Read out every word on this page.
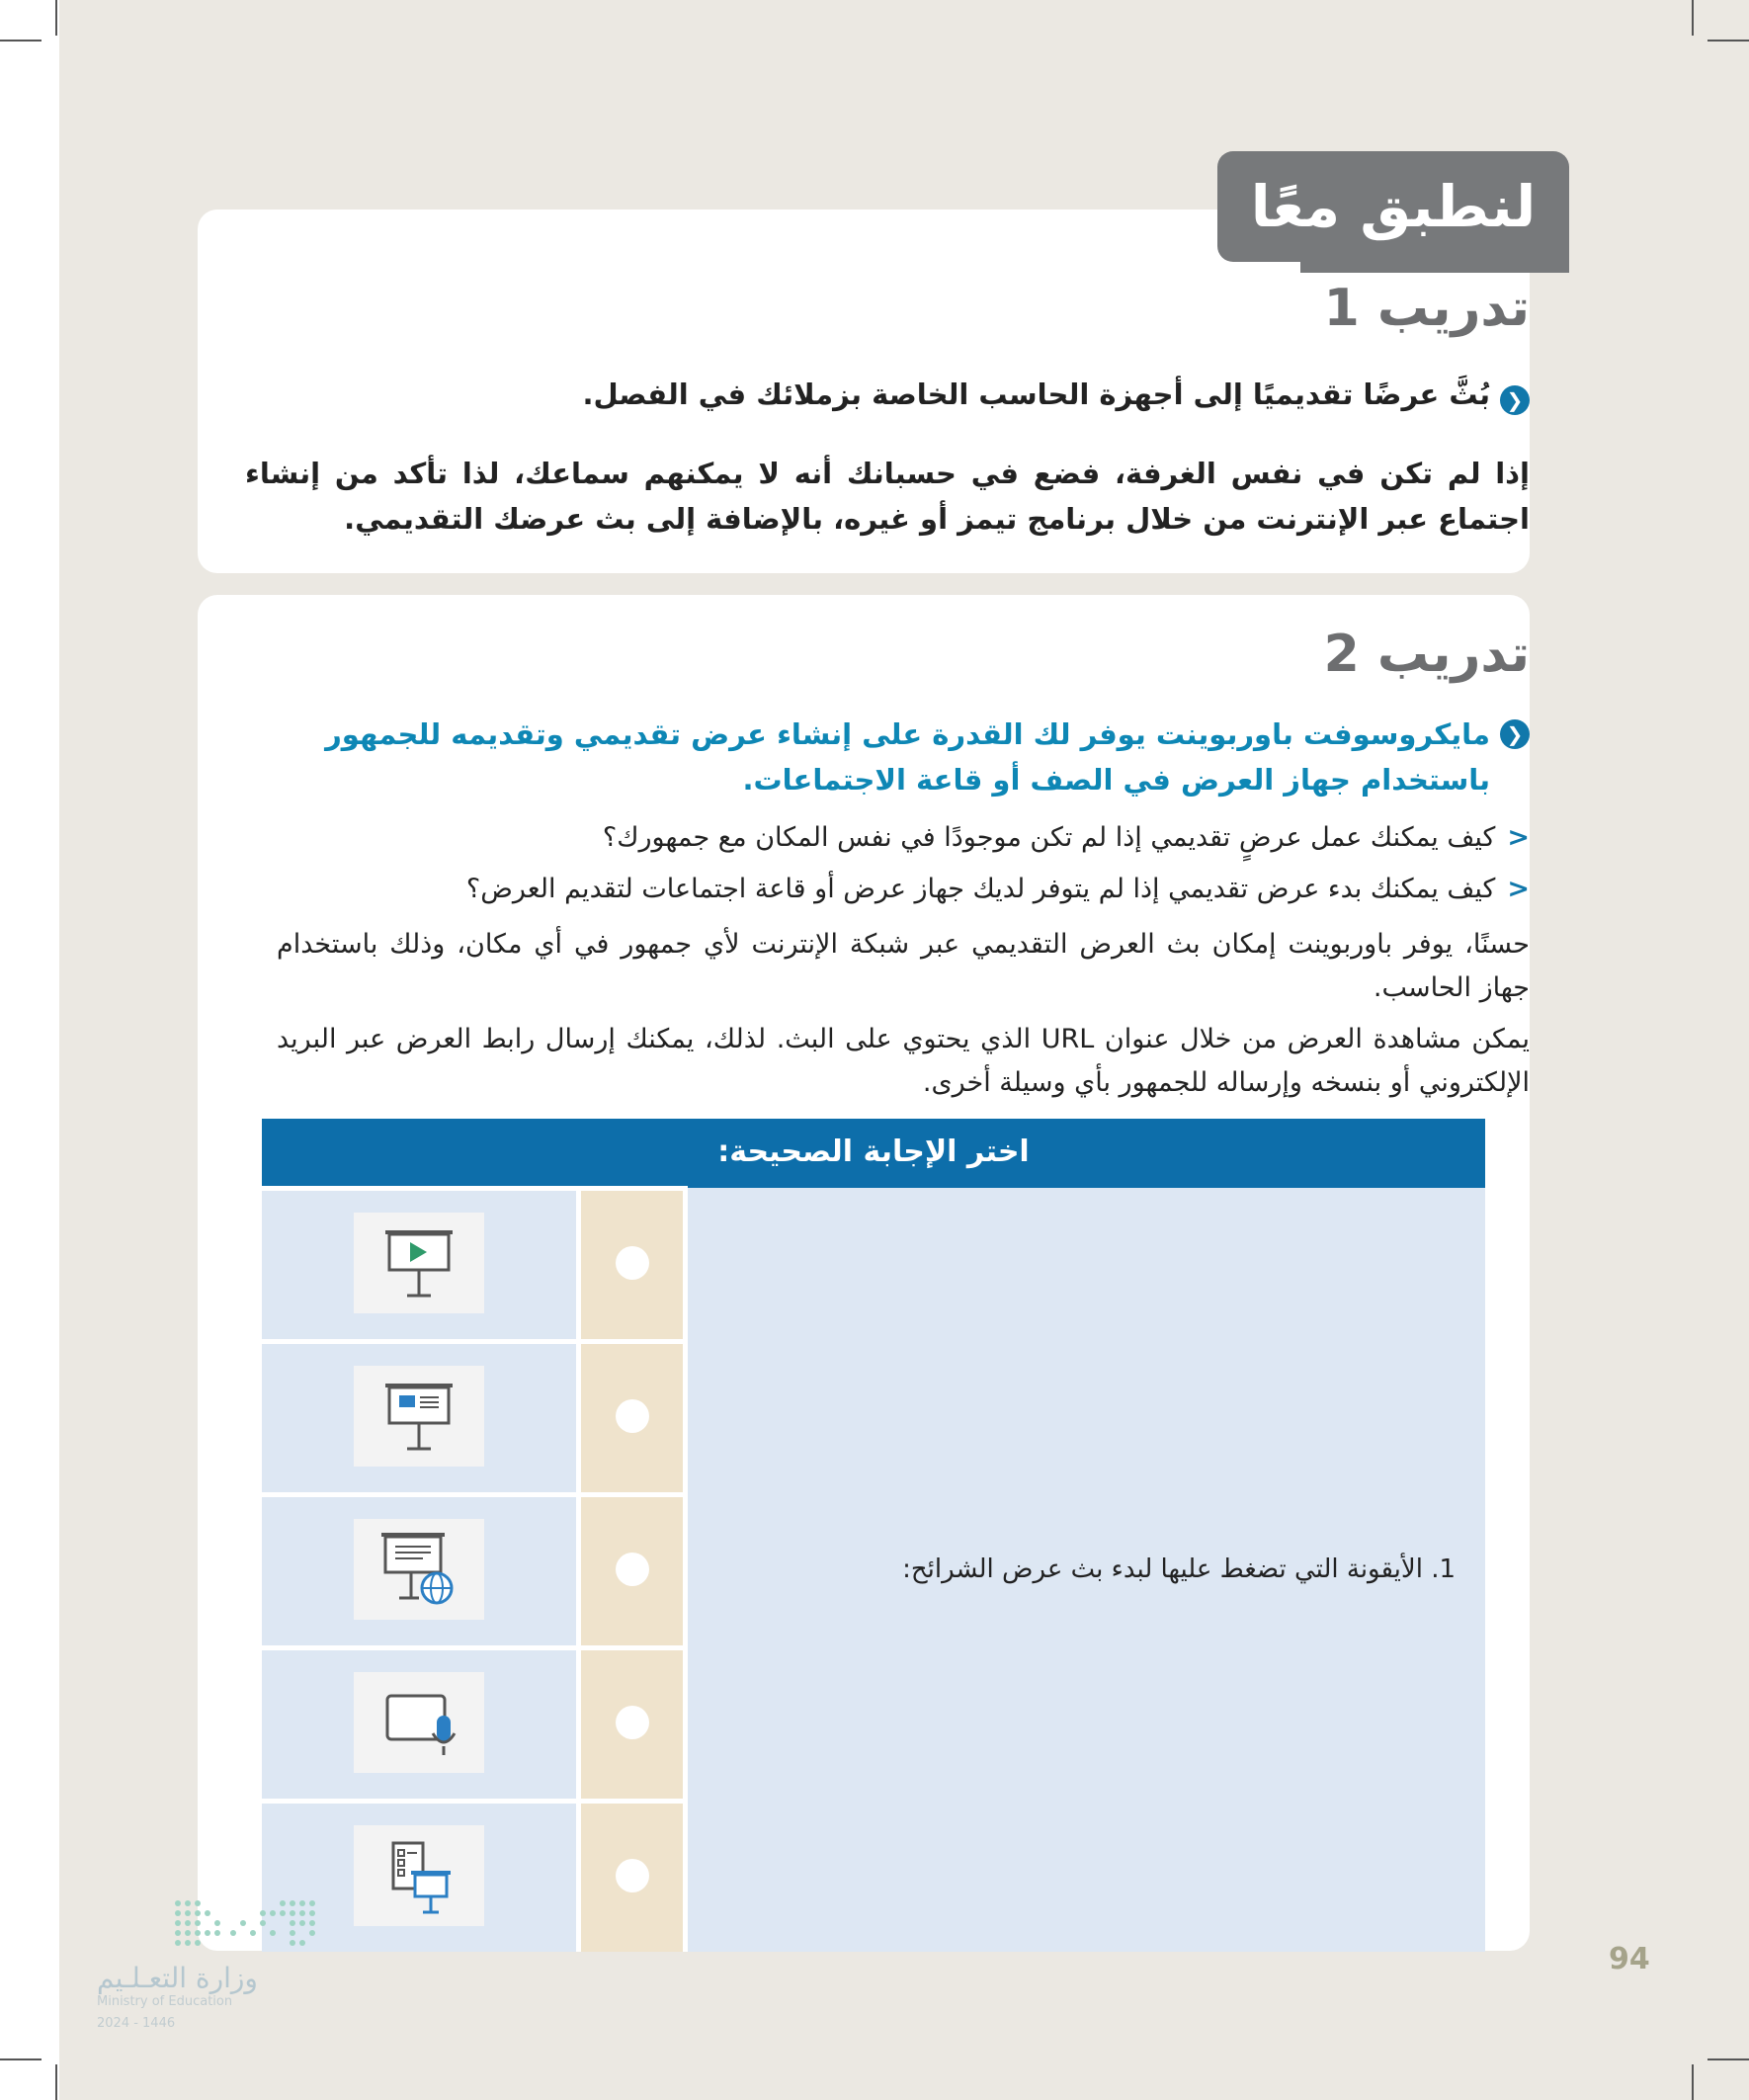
لنطبق معًا
تدريب 1
❮
بُثَّ عرضًا تقديميًا إلى أجهزة الحاسب الخاصة بزملائك في الفصل.
إذا لم تكن في نفس الغرفة، فضع في حسبانك أنه لا يمكنهم سماعك، لذا تأكد من إنشاء اجتماع عبر الإنترنت من خلال برنامج تيمز أو غيره، بالإضافة إلى بث عرضك التقديمي.
تدريب 2
❮
مايكروسوفت باوربوينت يوفر لك القدرة على إنشاء عرض تقديمي وتقديمه للجمهور باستخدام جهاز العرض في الصف أو قاعة الاجتماعات.
<
كيف يمكنك عمل عرضٍ تقديمي إذا لم تكن موجودًا في نفس المكان مع جمهورك؟
<
كيف يمكنك بدء عرض تقديمي إذا لم يتوفر لديك جهاز عرض أو قاعة اجتماعات لتقديم العرض؟
حسنًا، يوفر باوربوينت إمكان بث العرض التقديمي عبر شبكة الإنترنت لأي جمهور في أي مكان، وذلك باستخدام جهاز الحاسب.
يمكن مشاهدة العرض من خلال عنوان URL الذي يحتوي على البث. لذلك، يمكنك إرسال رابط العرض عبر البريد الإلكتروني أو بنسخه وإرساله للجمهور بأي وسيلة أخرى.
اختر الإجابة الصحيحة:		
1. الأيقونة التي تضغط عليها لبدء بث عرض الشرائح:		

94
وزارة التعـلـيم
Ministry of Education
2024 - 1446
